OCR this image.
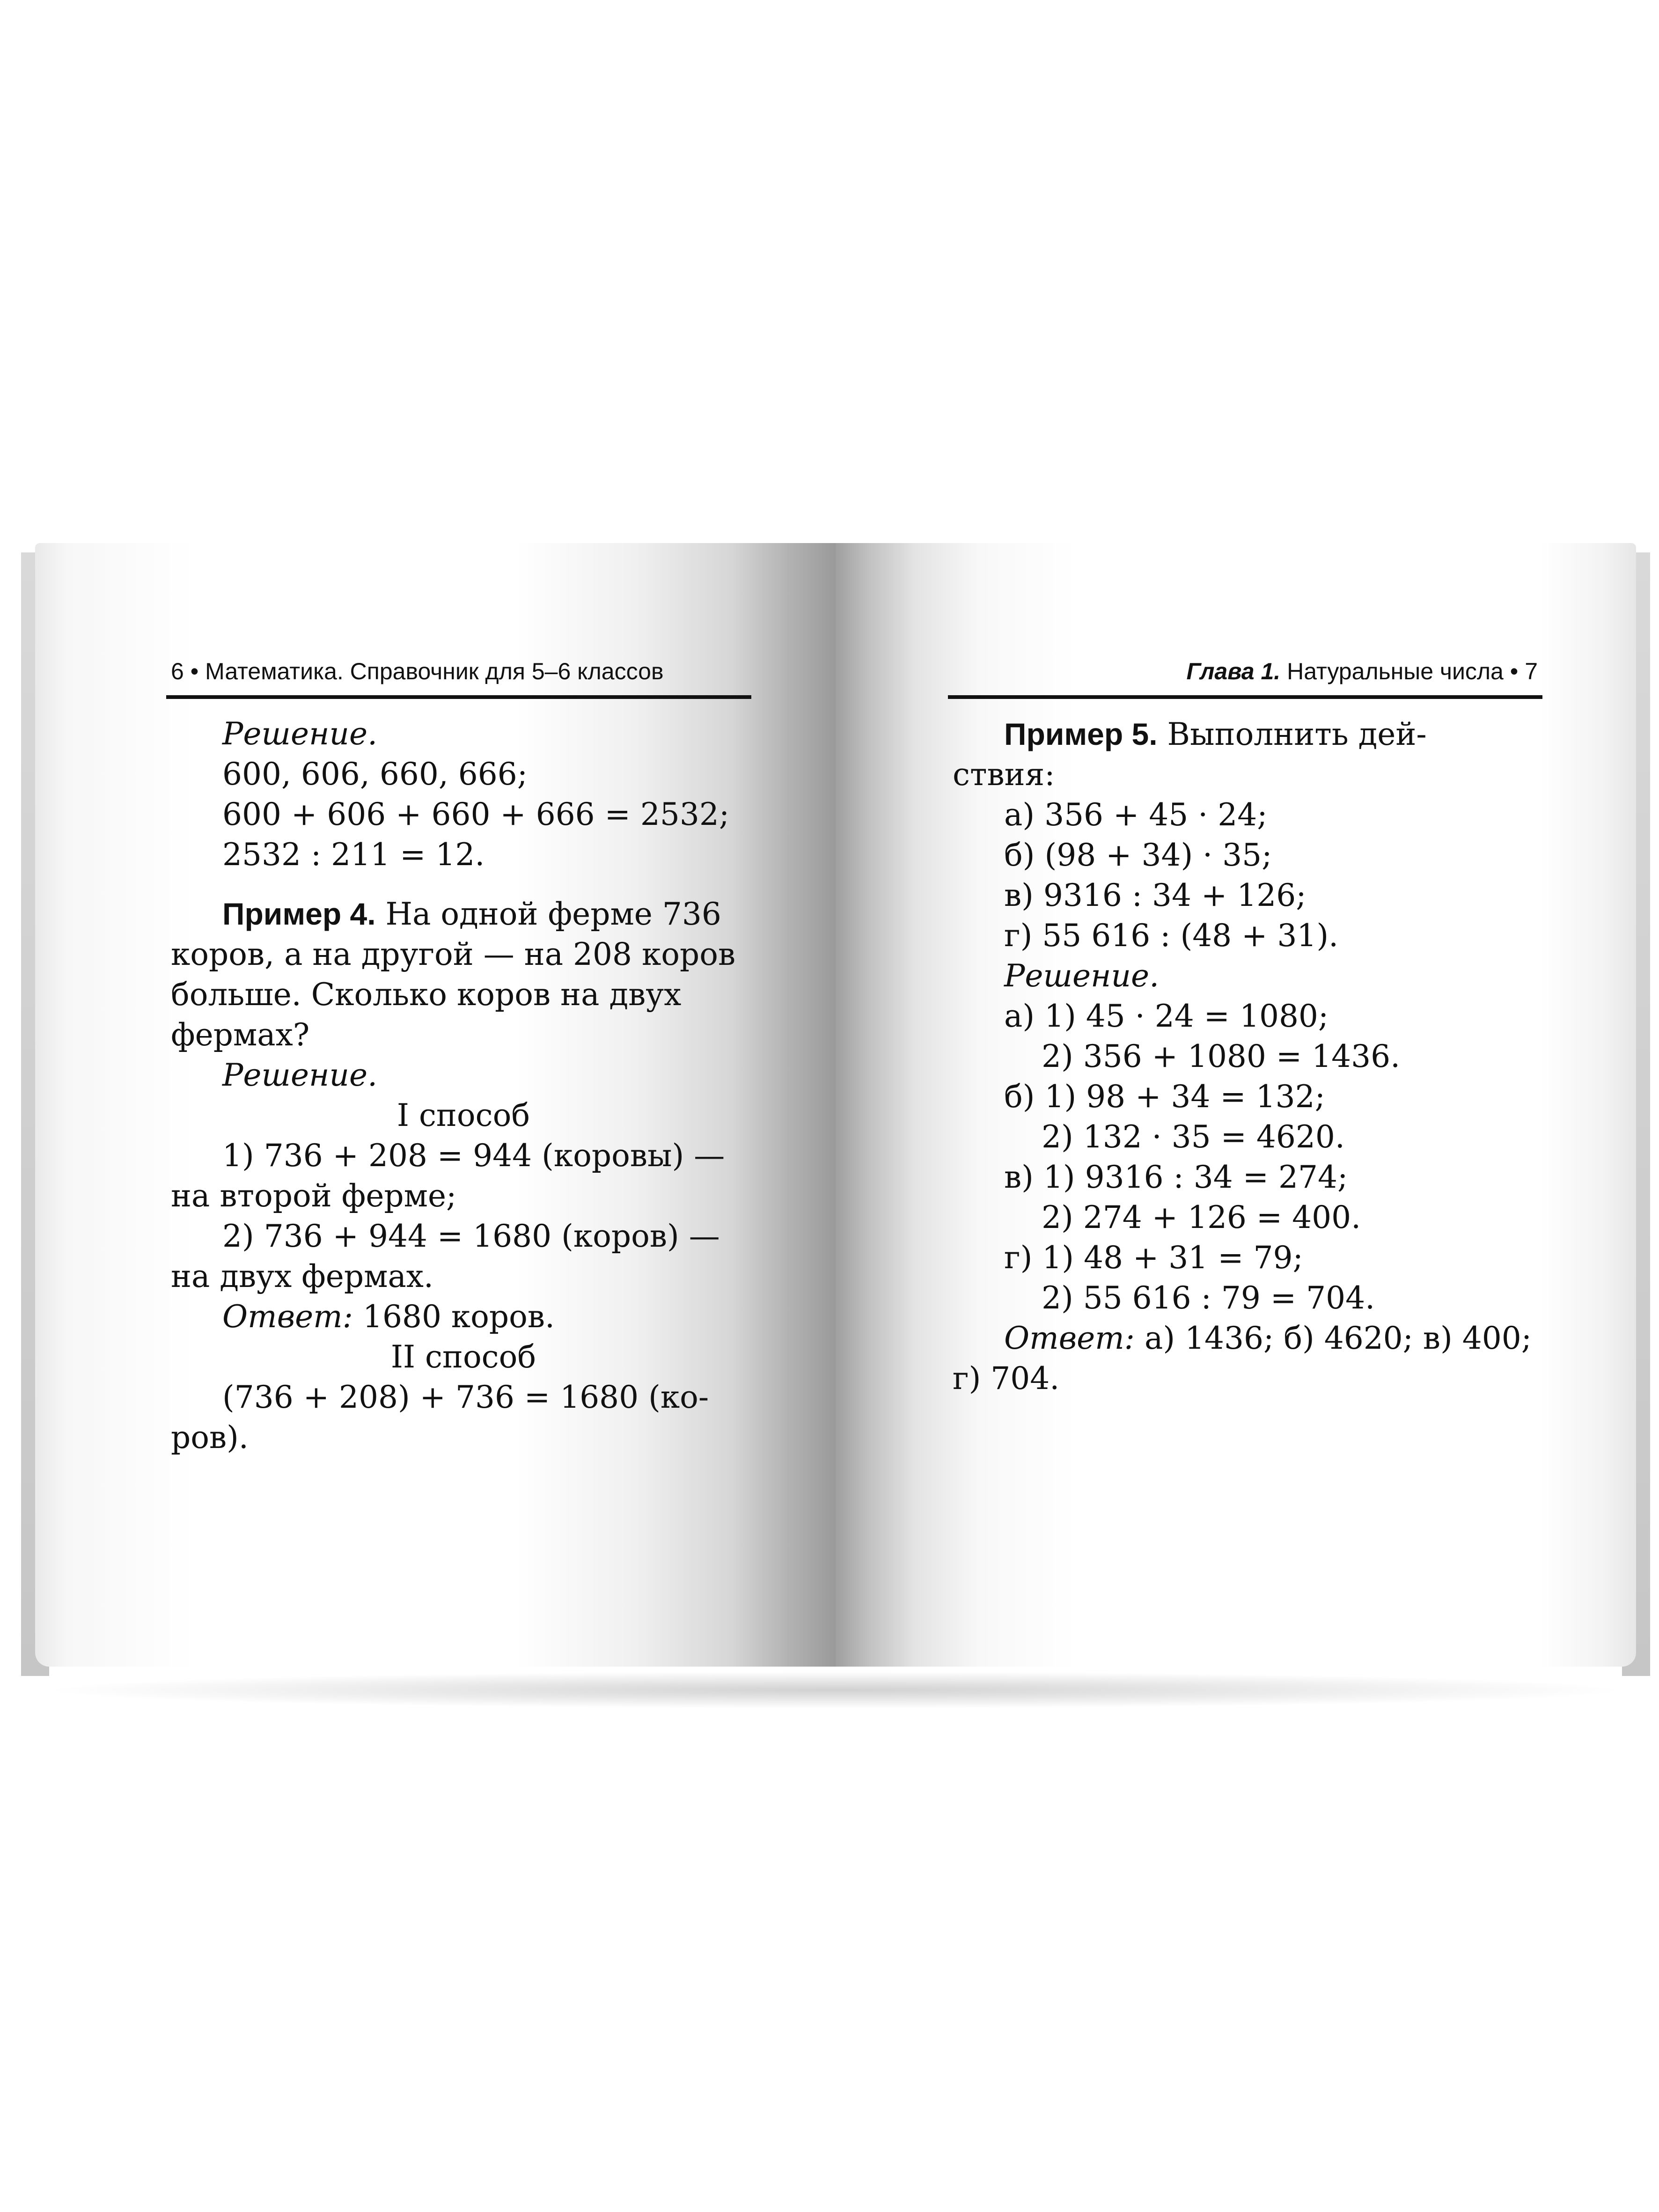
6 • Математика. Справочник для 5–6 классов
Решение.
600, 606, 660, 666;
600 + 606 + 660 + 666 = 2532;
2532 : 211 = 12.
Пример 4. На одной ферме 736
коров, а на другой — на 208 коров
больше. Сколько коров на двух
фермах?
Решение.
I способ
1) 736 + 208 = 944 (коровы) —
на второй ферме;
2) 736 + 944 = 1680 (коров) —
на двух фермах.
Ответ: 1680 коров.
II способ
(736 + 208) + 736 = 1680 (ко-
ров).
Глава 1. Натуральные числа • 7
Пример 5. Выполнить дей-
ствия:
а) 356 + 45 · 24;
б) (98 + 34) · 35;
в) 9316 : 34 + 126;
г) 55 616 : (48 + 31).
Решение.
а) 1) 45 · 24 = 1080;
2) 356 + 1080 = 1436.
б) 1) 98 + 34 = 132;
2) 132 · 35 = 4620.
в) 1) 9316 : 34 = 274;
2) 274 + 126 = 400.
г) 1) 48 + 31 = 79;
2) 55 616 : 79 = 704.
Ответ: а) 1436; б) 4620; в) 400;
г) 704.
